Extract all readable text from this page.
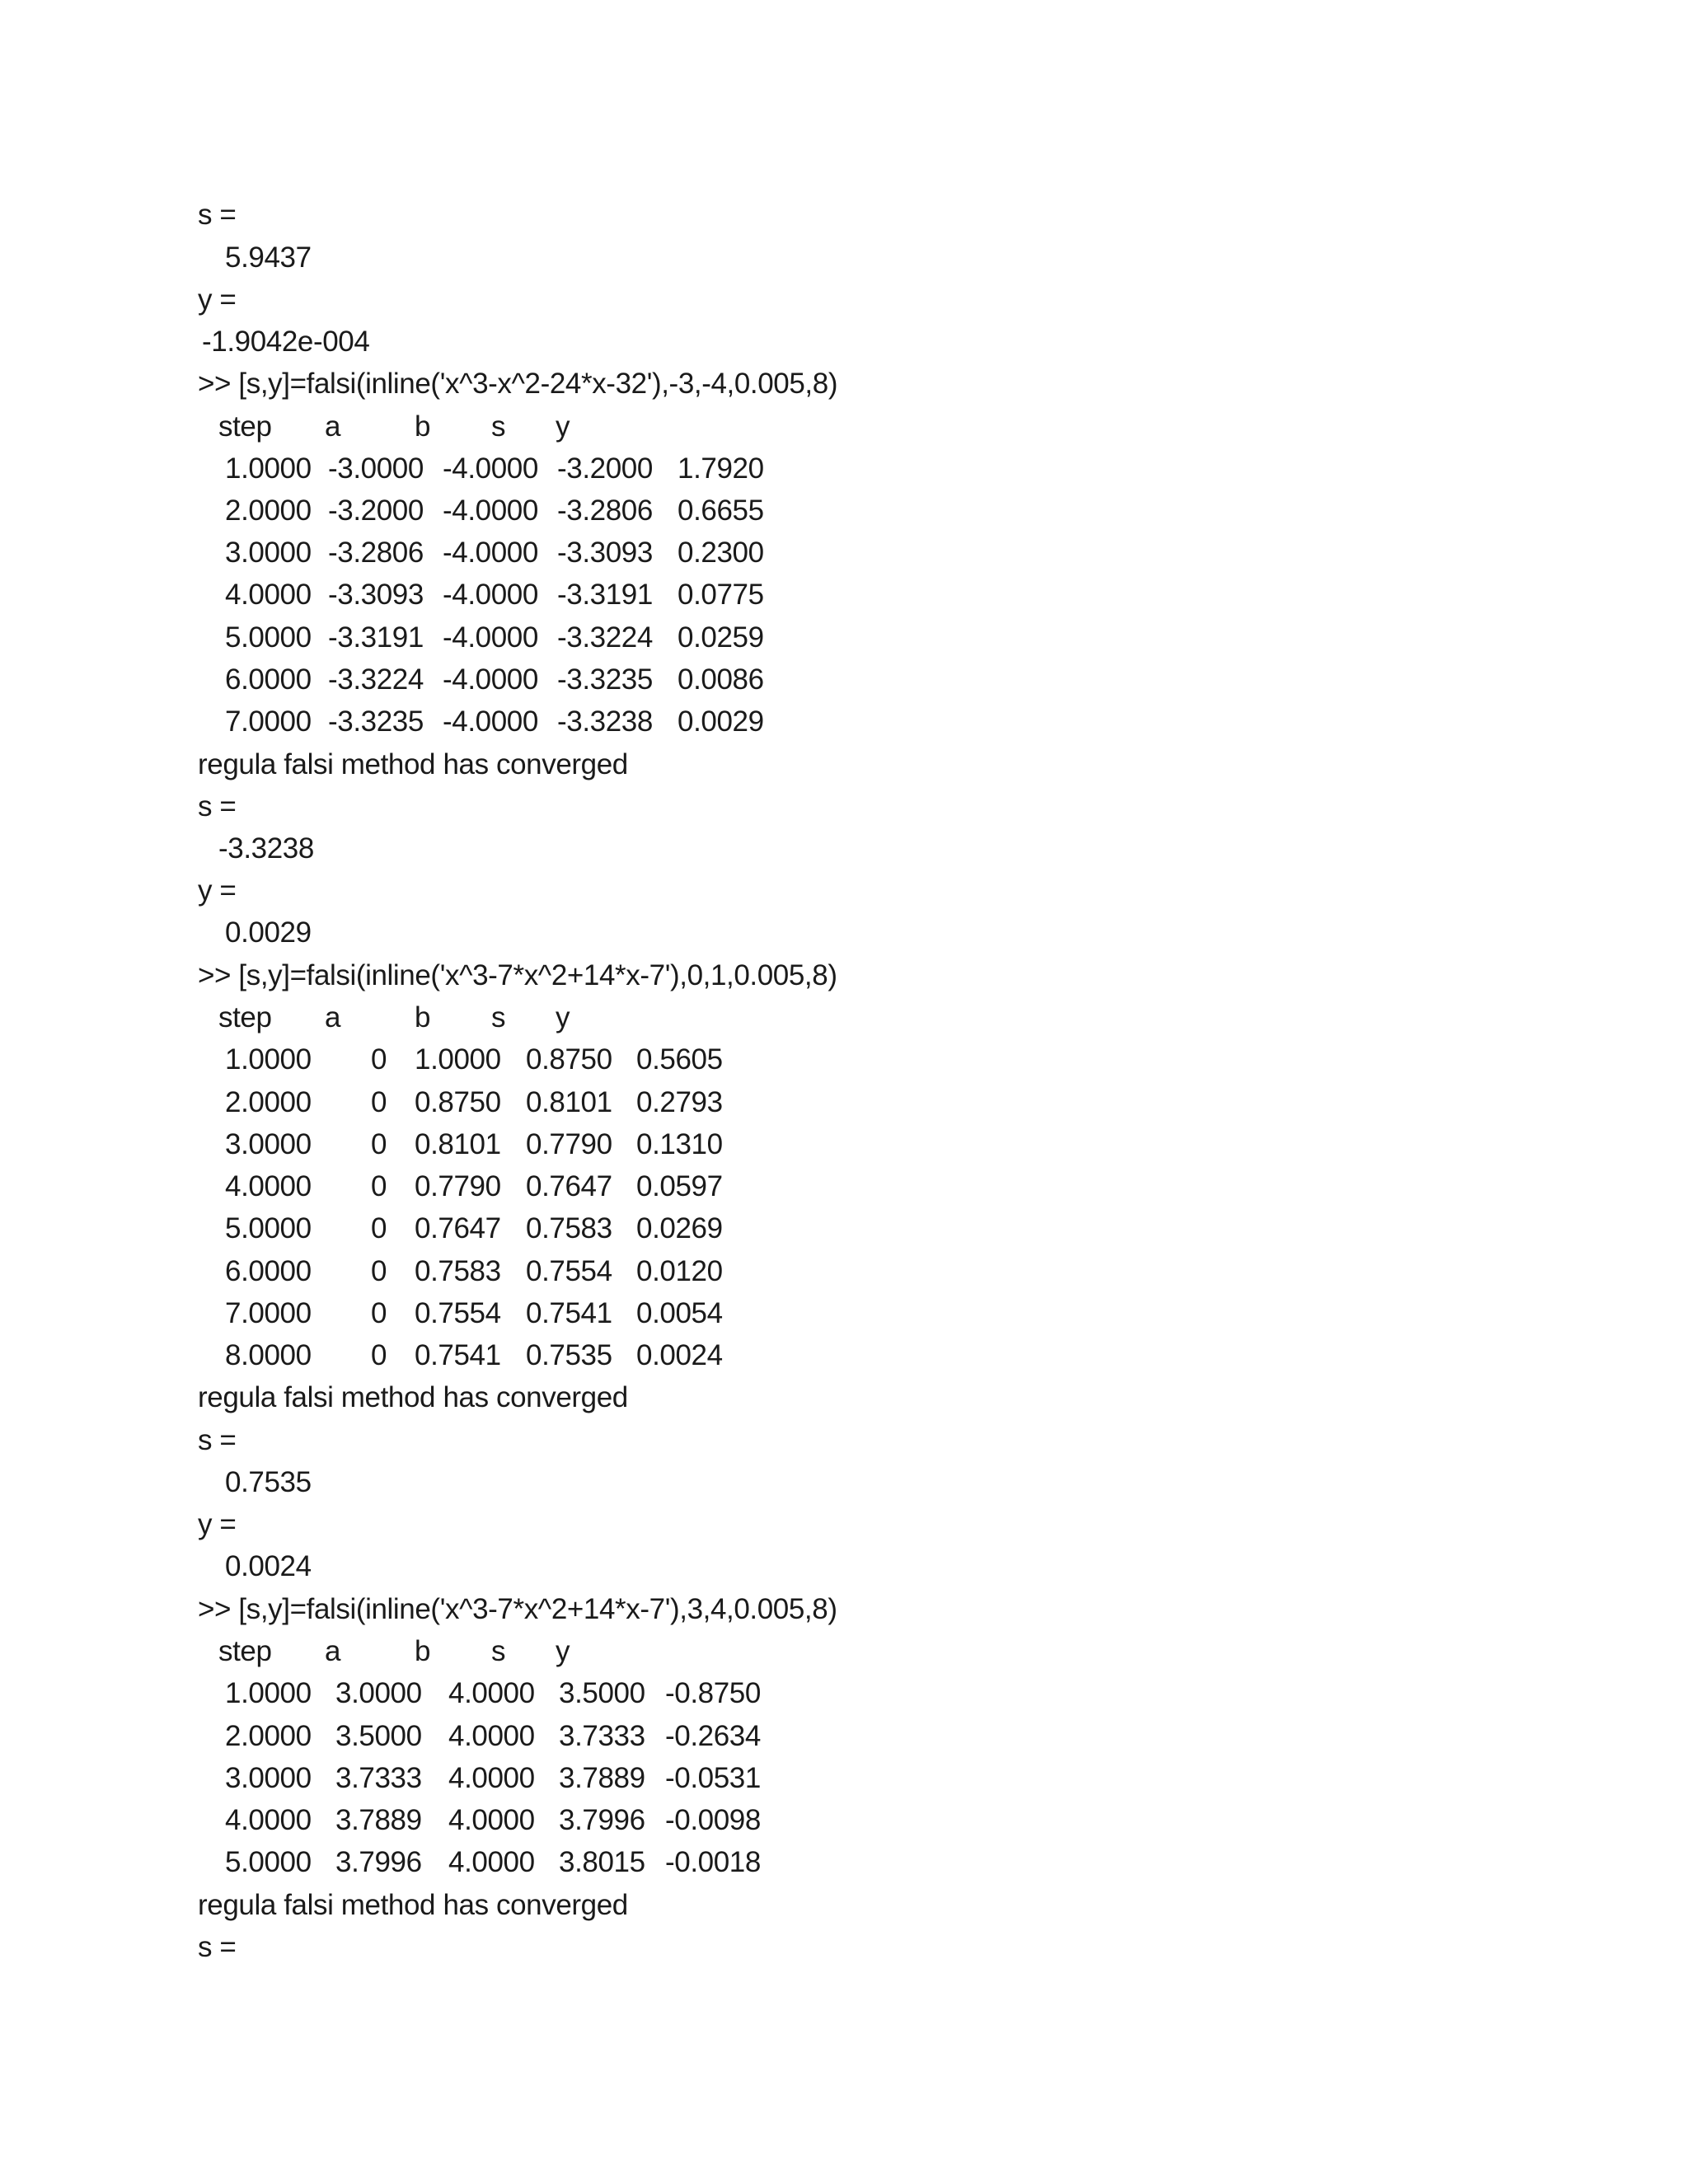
s =
5.9437
y =
-1.9042e-004
>> [s,y]=falsi(inline('x^3-x^2-24*x-32'),-3,-4,0.005,8)
step a	b s y
1.0000 -3.0000 -4.0000 -3.2000 1.7920
2.0000 -3.2000 -4.0000 -3.2806 0.6655
3.0000 -3.2806 -4.0000 -3.3093 0.2300
4.0000 -3.3093 -4.0000 -3.3191 0.0775
5.0000 -3.3191 -4.0000 -3.3224 0.0259
6.0000 -3.3224 -4.0000 -3.3235 0.0086
7.0000 -3.3235 -4.0000 -3.3238 0.0029
regula falsi method has converged
s =
-3.3238
y =
0.0029
>> [s,y]=falsi(inline('x^3-7*x^2+14*x-7'),0,1,0.005,8)
step a	b s y
1.0000 0 1.0000 0.8750 0.5605
2.0000 0 0.8750 0.8101 0.2793
3.0000 0 0.8101 0.7790 0.1310
4.0000 0 0.7790 0.7647 0.0597
5.0000 0 0.7647 0.7583 0.0269
6.0000 0 0.7583 0.7554 0.0120
7.0000 0 0.7554 0.7541 0.0054
8.0000 0 0.7541 0.7535 0.0024
regula falsi method has converged
s =
0.7535
y =
0.0024
>> [s,y]=falsi(inline('x^3-7*x^2+14*x-7'),3,4,0.005,8)
step a	b s y
1.0000 3.0000 4.0000 3.5000 -0.8750
2.0000 3.5000 4.0000 3.7333 -0.2634
3.0000 3.7333 4.0000 3.7889 -0.0531
4.0000 3.7889 4.0000 3.7996 -0.0098
5.0000 3.7996 4.0000 3.8015 -0.0018
regula falsi method has converged
s =
